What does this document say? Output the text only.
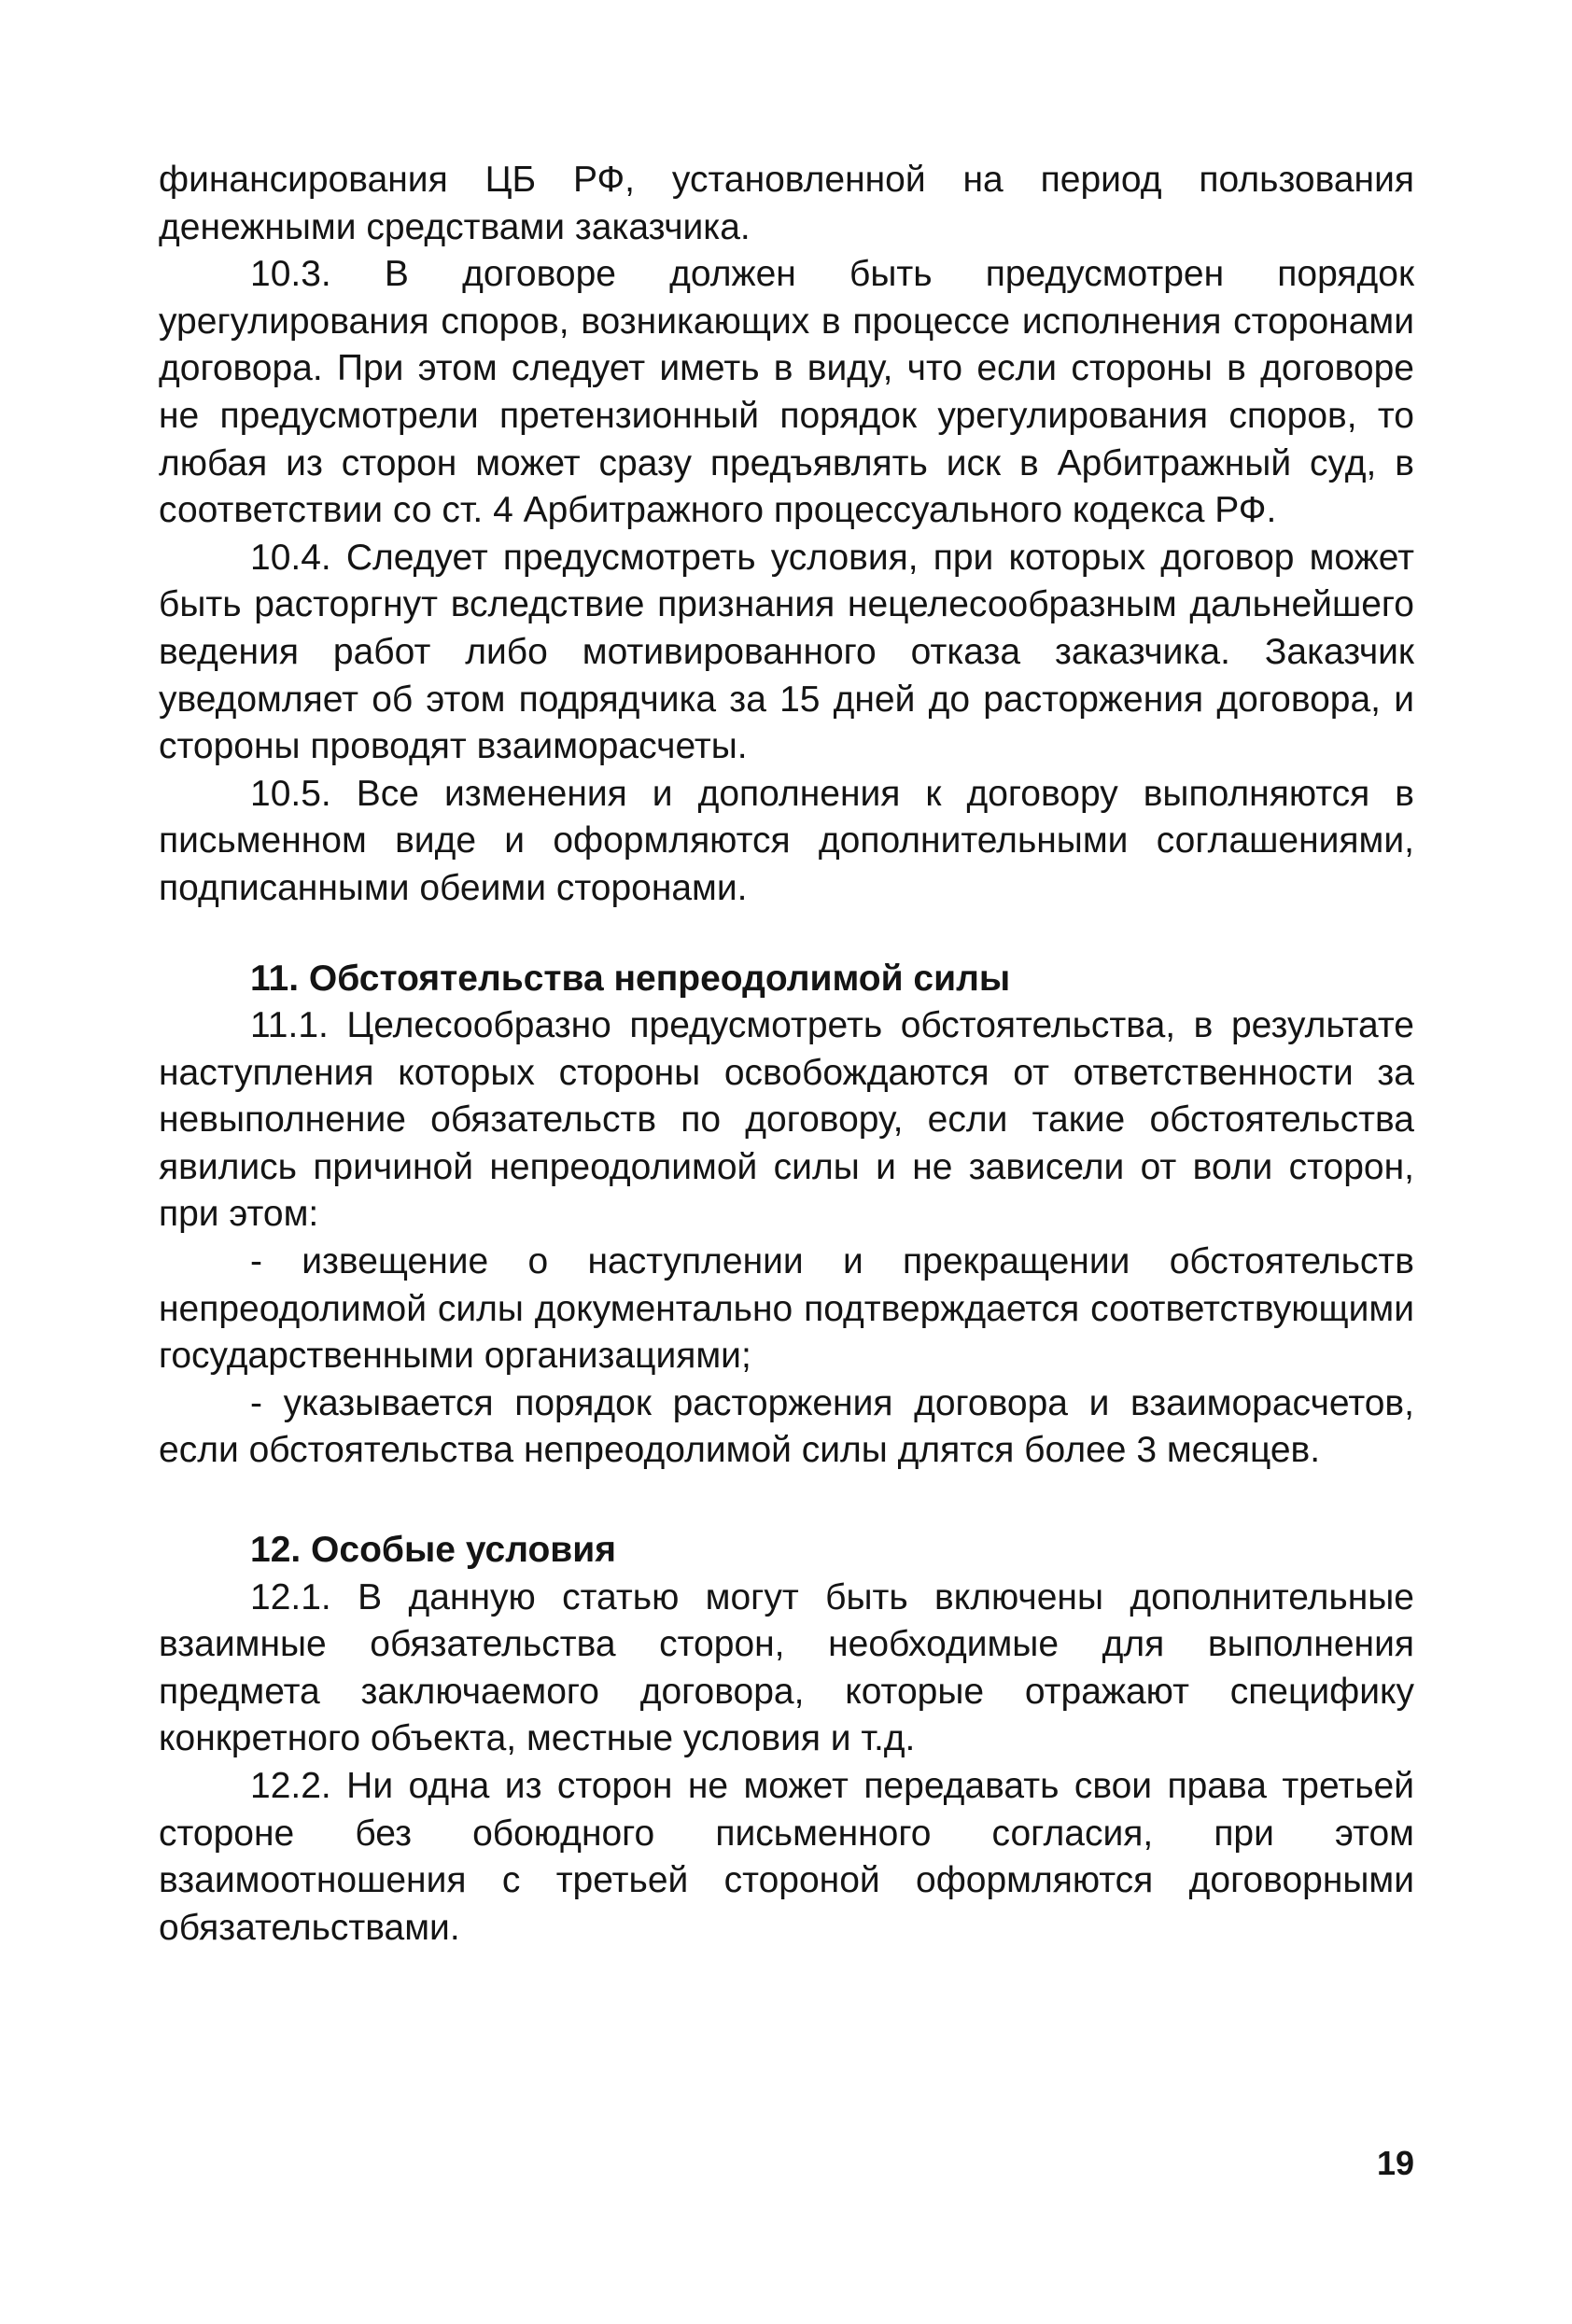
финансирования ЦБ РФ, установленной на период пользования денежными средствами заказчика.

10.3. В договоре должен быть предусмотрен порядок урегулирования споров, возникающих в процессе исполнения сторонами договора. При этом следует иметь в виду, что если стороны в договоре не предусмотрели претензионный порядок урегулирования споров, то любая из сторон может сразу предъявлять иск в Арбитражный суд, в соответствии со ст. 4 Арбитражного процессуального кодекса РФ.

10.4. Следует предусмотреть условия, при которых договор может быть расторгнут вследствие признания нецелесообразным дальнейшего ведения работ либо мотивированного отказа заказчика. Заказчик уведомляет об этом подрядчика за 15 дней до расторжения договора, и стороны проводят взаиморасчеты.

10.5. Все изменения и дополнения к договору выполняются в письменном виде и оформляются дополнительными соглашениями, подписанными обеими сторонами.

11. Обстоятельства непреодолимой силы

11.1. Целесообразно предусмотреть обстоятельства, в результате наступления которых стороны освобождаются от ответственности за невыполнение обязательств по договору, если такие обстоятельства явились причиной непреодолимой силы и не зависели от воли сторон, при этом:

- извещение о наступлении и прекращении обстоятельств непреодолимой силы документально подтверждается соответствующими государственными организациями;

- указывается порядок расторжения договора и взаиморасчетов, если обстоятельства непреодолимой силы длятся более 3 месяцев.

12. Особые условия

12.1. В данную статью могут быть включены дополнительные взаимные обязательства сторон, необходимые для выполнения предмета заключаемого договора, которые отражают специфику конкретного объекта, местные условия и т.д.

12.2. Ни одна из сторон не может передавать свои права третьей стороне без обоюдного письменного согласия, при этом взаимоотношения с третьей стороной оформляются договорными обязательствами.

19
